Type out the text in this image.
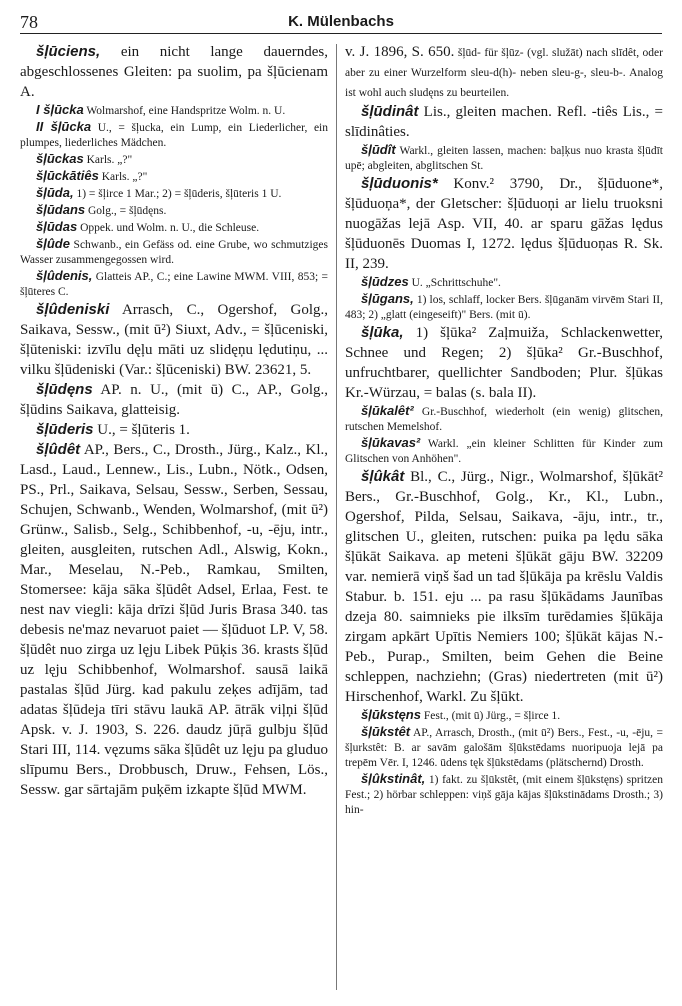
78	K. Mülenbachs

šļūciens, ein nicht lange dauerndes, abgeschlossenes Gleiten: pa suolim, pa šļūcienam A.

I šļūcka Wolmarshof, eine Handspritze Wolm. n. U.

II šļūcka U., = šļucka, ein Lump, ein Liederlicher, ein plumpes, liederliches Mädchen.

šļūckas Karls. „?"

šļūckātiês Karls. „?"

šļūda, 1) = šļirce 1 Mar.; 2) = šļūderis, šļūteris 1 U.

šļūdans Golg., = šļūdęns.

šļūdas Oppek. und Wolm. n. U., die Schleuse.

šļûde Schwanb., ein Gefäss od. eine Grube, wo schmutziges Wasser zusammengegossen wird.

šļûdenis, Glatteis AP., C.; eine Lawine MWM. VIII, 853; = šļūteres C.

šļûdeniski Arrasch, C., Ogershof, Golg., Saikava, Sessw., (mit ū²) Siuxt, Adv., = šļūceniski, šļūteniski: izvīlu dęļu māti uz slidęņu lędutiņu, ... vilku šļūdeniski (Var.: šļūceniski) BW. 23621, 5.

šļūdęns AP. n. U., (mit ū) C., AP., Golg., šļūdins Saikava, glatteisig.

šļūderis U., = šļūteris 1.

šļûdêt AP., Bers., C., Drosth., Jürg., Kalz., Kl., Lasd., Laud., Lennew., Lis., Lubn., Nötk., Odsen, PS., Prl., Saikava, Selsau, Sessw., Serben, Sessau, Schujen, Schwanb., Wenden, Wolmarshof, (mit ū²) Grünw., Salisb., Selg., Schibbenhof, -u, -ēju, intr., gleiten, ausgleiten, rutschen Adl., Alswig, Kokn., Mar., Meselau, N.-Peb., Ramkau, Smilten, Stomersee: kāja sāka šļūdêt Adsel, Erlaa, Fest. te nest nav viegli: kāja drīzi šļūd Juris Brasa 340. tas debesis ne'maz nevaruot paiet — šļūduot LP. V, 58. šļūdêt nuo zirga uz lęju Libek Pūķis 36. krasts šļūd uz lęju Schibbenhof, Wolmarshof. sausā laikā pastalas šļūd Jürg. kad pakulu zeķes adījām, tad adatas šļūdeja tīri stāvu laukā AP. ātrāk viļņi šļūd Apsk. v. J. 1903, S. 226. daudz jūŗā gulbju šļūd Stari III, 114. vęzums sāka šļūdêt uz lęju pa gluduo slīpumu Bers., Drobbusch, Druw., Fehsen, Lös., Sessw. gar sārtajām puķēm izkapte šļūd MWM.

v. J. 1896, S. 650. šļūd- für šļūz- (vgl. služāt) nach slīdêt, oder aber zu einer Wurzelform sleu-d(h)- neben sleu-g-, sleu-b-. Analog ist wohl auch sludęns zu beurteilen.

šļūdinât Lis., gleiten machen. Refl. -tiês Lis., = slīdinâties.

šļūdît Warkl., gleiten lassen, machen: baļķus nuo krasta šļūdīt upē; abgleiten, abglitschen St.

šļūduonis* Konv.² 3790, Dr., šļūduone*, šļūduoņa*, der Gletscher: šļūduoņi ar lielu truoksni nuogāžas lejā Asp. VII, 40. ar sparu gāžas lędus šļūduonēs Duomas I, 1272. lędus šļūduoņas R. Sk. II, 239.

šļūdzes U. „Schrittschuhe".

šļūgans, 1) los, schlaff, locker Bers. šļūganām virvēm Stari II, 483; 2) „glatt (eingeseift)" Bers. (mit ū).

šļūka, 1) šļūka² Zaļmuiža, Schlackenwetter, Schnee und Regen; 2) šļūka² Gr.-Buschhof, unfruchtbarer, quellichter Sandboden; Plur. šļūkas Kr.-Würzau, = balas (s. bala II).

šļūkalêt² Gr.-Buschhof, wiederholt (ein wenig) glitschen, rutschen Memelshof.

šļūkavas² Warkl. „ein kleiner Schlitten für Kinder zum Glitschen von Anhöhen".

šļûkât Bl., C., Jürg., Nigr., Wolmarshof, šļūkāt² Bers., Gr.-Buschhof, Golg., Kr., Kl., Lubn., Ogershof, Pilda, Selsau, Saikava, -āju, intr., tr., glitschen U., gleiten, rutschen: puika pa lędu sāka šļūkāt Saikava. ap meteni šļūkāt gāju BW. 32209 var. nemierā viņš šad un tad šļūkāja pa krēslu Valdis Stabur. b. 151. eju ... pa rasu šļūkādams Jaunības dzeja 80. saimnieks pie ilksīm turēdamies šļūkāja zirgam apkārt Upītis Nemiers 100; šļūkāt kājas N.-Peb., Purap., Smilten, beim Gehen die Beine schleppen, nachziehn; (Gras) niedertreten (mit ū²) Hirschenhof, Warkl. Zu šļūkt.

šļūkstęns Fest., (mit ū) Jürg., = šļirce 1.

šļūkstêt AP., Arrasch, Drosth., (mit ū²) Bers., Fest., -u, -ēju, = šļurkstêt: B. ar savām galošām šļūkstēdams nuoripuoja lejā pa trepēm Vēr. I, 1246. ūdens tęk šļūkstēdams (plätschernd) Drosth.

šļûkstinât, 1) fakt. zu šļūkstêt, (mit einem šļūkstęns) spritzen Fest.; 2) hörbar schleppen: viņš gāja kājas šļūkstinādams Drosth.; 3) hin-
